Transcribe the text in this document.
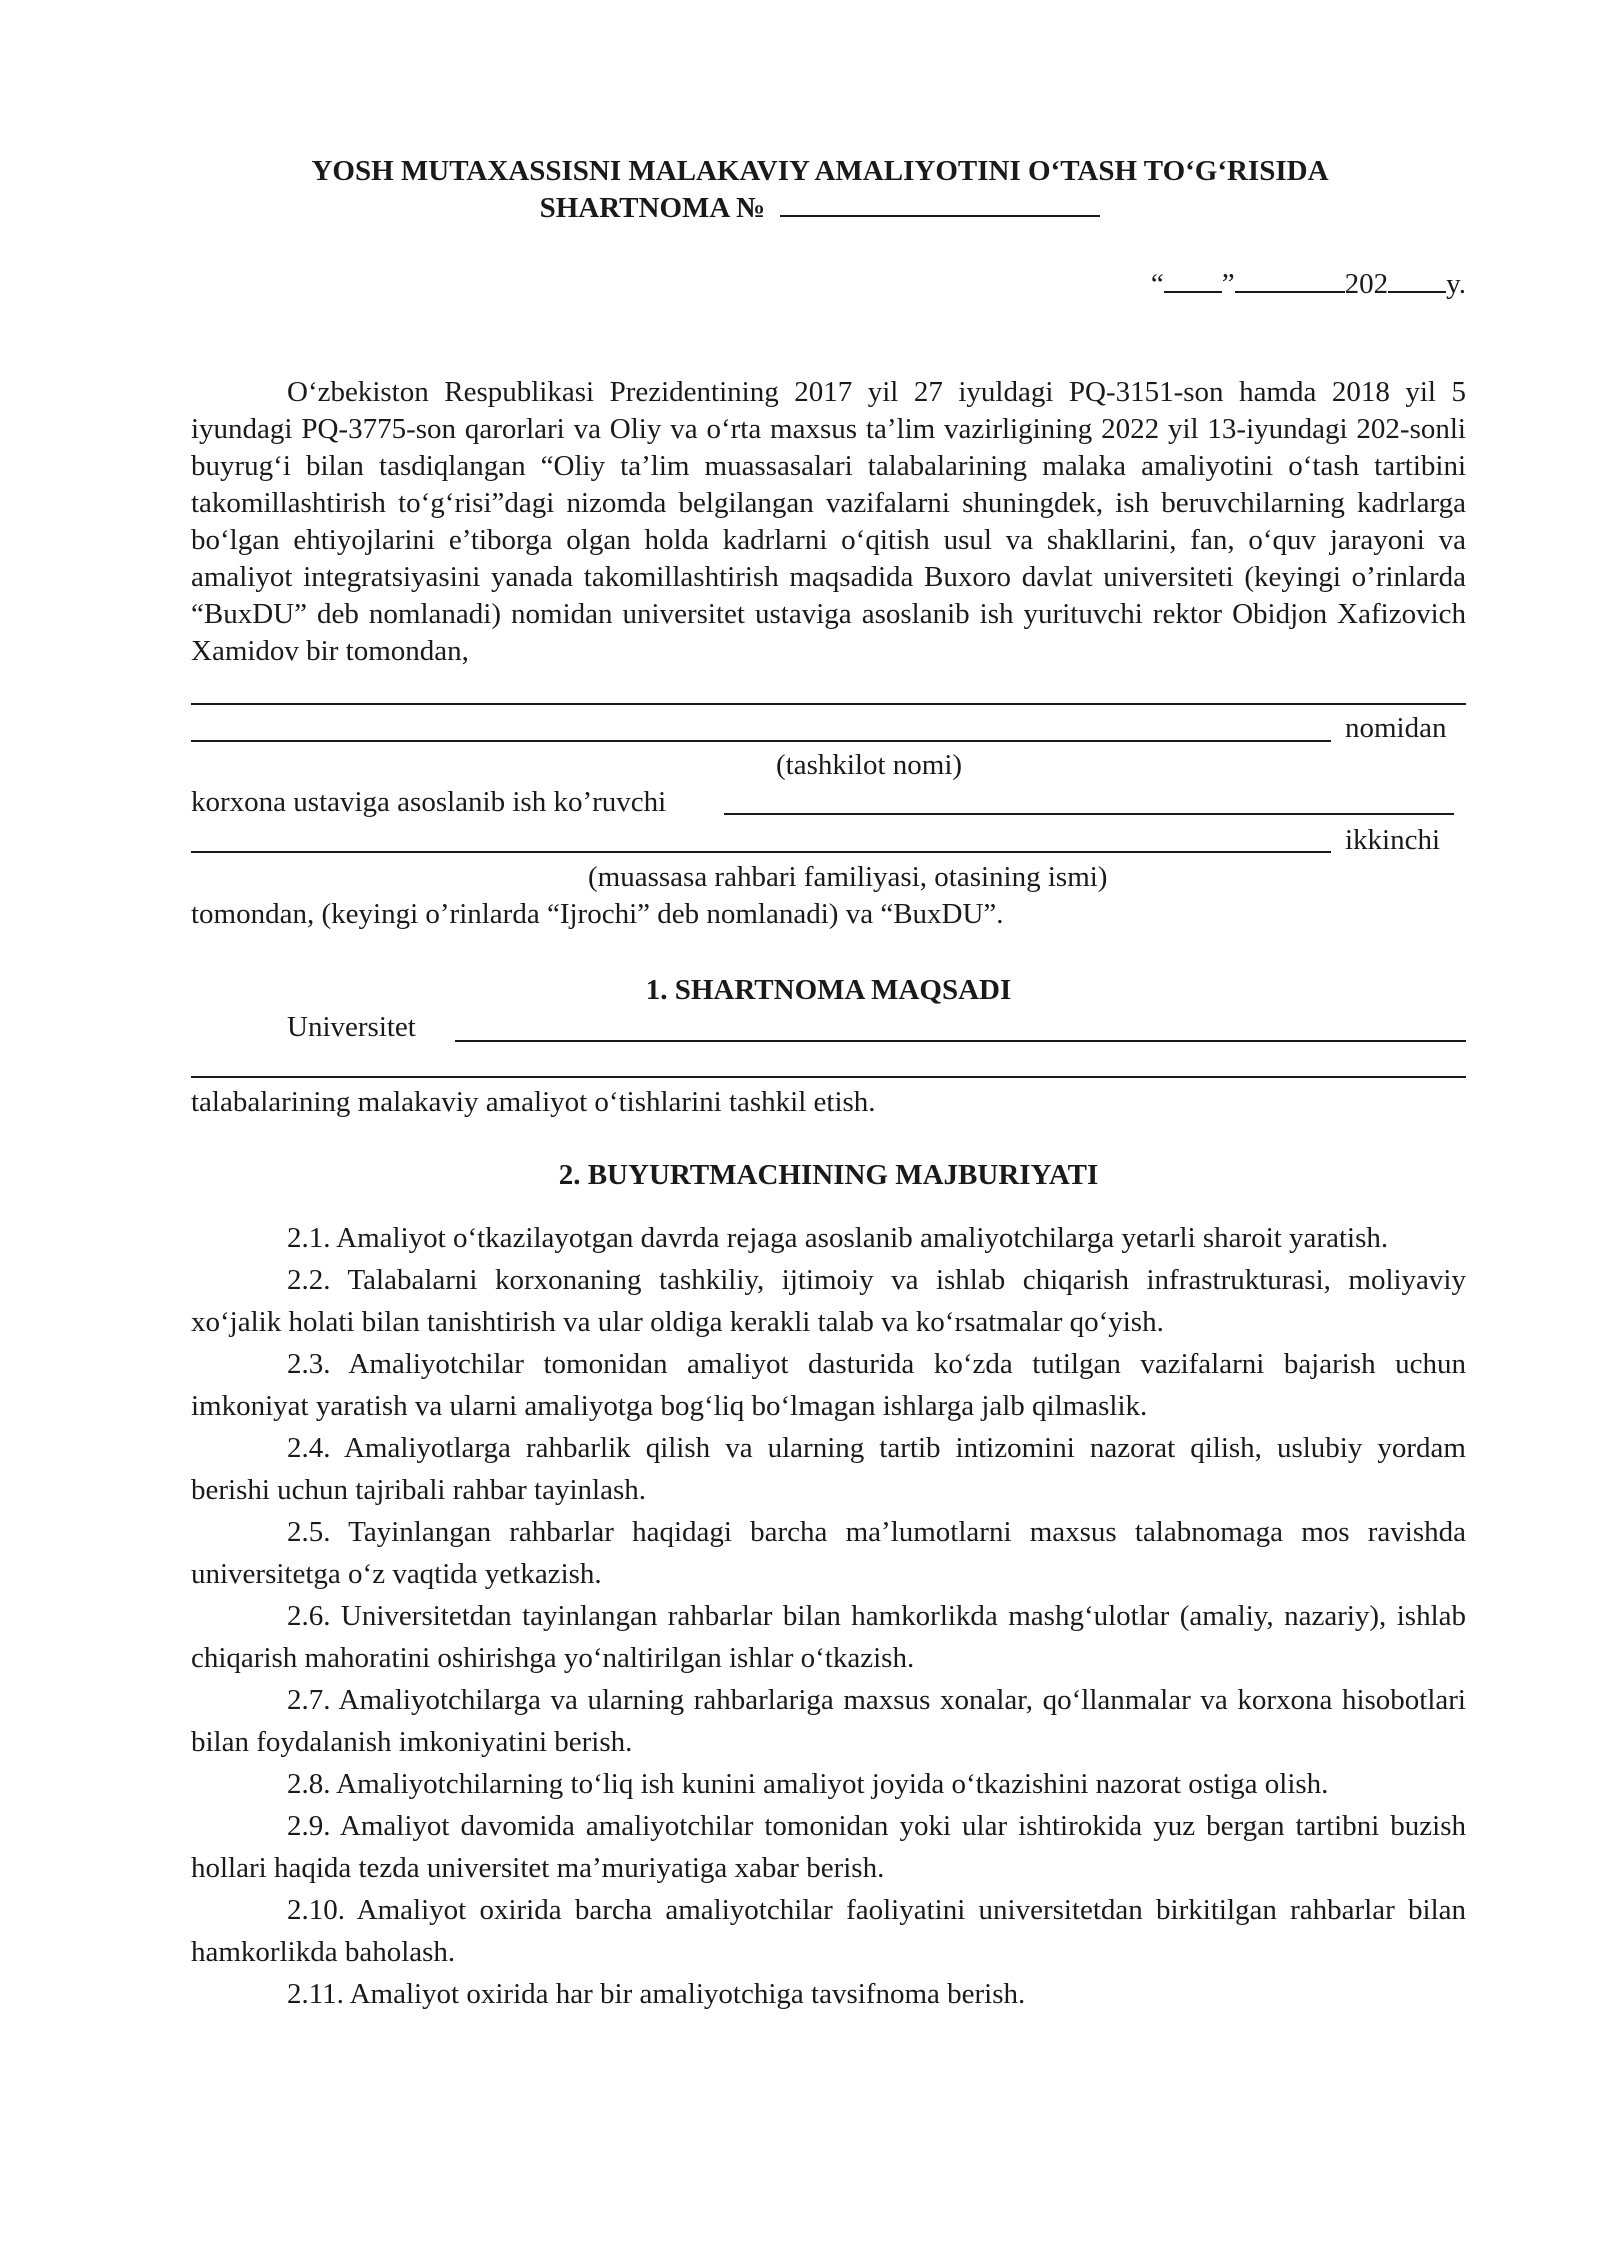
YOSH MUTAXASSISNI MALAKAVIY AMALIYOTINI O‘TASH TO‘G‘RISIDA
SHARTNOMA №
“ ”	202 y.
O‘zbekiston Respublikasi Prezidentining 2017 yil 27 iyuldagi PQ-3151-son hamda 2018 yil 5 iyundagi PQ-3775-son qarorlari va Oliy va o‘rta maxsus ta’lim vazirligining 2022 yil 13-iyundagi 202-sonli buyrug‘i bilan tasdiqlangan “Oliy ta’lim muassasalari talabalarining malaka amaliyotini o‘tash tartibini takomillashtirish to‘g‘risi”dagi nizomda belgilangan vazifalarni shuningdek, ish beruvchilarning kadrlarga bo‘lgan ehtiyojlarini e’tiborga olgan holda kadrlarni o‘qitish usul va shakllarini, fan, o‘quv jarayoni va amaliyot integratsiyasini yanada takomillashtirish maqsadida Buxoro davlat universiteti (keyingi o’rinlarda “BuxDU” deb nomlanadi) nomidan universitet ustaviga asoslanib ish yurituvchi rektor Obidjon Xafizovich Xamidov bir tomondan,
nomidan
(tashkilot nomi)
korxona ustaviga asoslanib ish ko’ruvchi
ikkinchi
(muassasa rahbari familiyasi, otasining ismi)
tomondan, (keyingi o’rinlarda “Ijrochi” deb nomlanadi) va “BuxDU”.
1. SHARTNOMA MAQSADI
Universitet
talabalarining malakaviy amaliyot o‘tishlarini tashkil etish.
2. BUYURTMACHINING MAJBURIYATI

2.1. Amaliyot o‘tkazilayotgan davrda rejaga asoslanib amaliyotchilarga yetarli sharoit yaratish.

2.2. Talabalarni korxonaning tashkiliy, ijtimoiy va ishlab chiqarish infrastrukturasi, moliyaviy xo‘jalik holati bilan tanishtirish va ular oldiga kerakli talab va ko‘rsatmalar qo‘yish.

2.3. Amaliyotchilar tomonidan amaliyot dasturida ko‘zda tutilgan vazifalarni bajarish uchun imkoniyat yaratish va ularni amaliyotga bog‘liq bo‘lmagan ishlarga jalb qilmaslik.

2.4. Amaliyotlarga rahbarlik qilish va ularning tartib intizomini nazorat qilish, uslubiy yordam berishi uchun tajribali rahbar tayinlash.

2.5. Tayinlangan rahbarlar haqidagi barcha ma’lumotlarni maxsus talabnomaga mos ravishda universitetga o‘z vaqtida yetkazish.

2.6. Universitetdan tayinlangan rahbarlar bilan hamkorlikda mashg‘ulotlar (amaliy, nazariy), ishlab chiqarish mahoratini oshirishga yo‘naltirilgan ishlar o‘tkazish.

2.7. Amaliyotchilarga va ularning rahbarlariga maxsus xonalar, qo‘llanmalar va korxona hisobotlari bilan foydalanish imkoniyatini berish.

2.8. Amaliyotchilarning to‘liq ish kunini amaliyot joyida o‘tkazishini nazorat ostiga olish.

2.9. Amaliyot davomida amaliyotchilar tomonidan yoki ular ishtirokida yuz bergan tartibni buzish hollari haqida tezda universitet ma’muriyatiga xabar berish.

2.10. Amaliyot oxirida barcha amaliyotchilar faoliyatini universitetdan birkitilgan rahbarlar bilan hamkorlikda baholash.

2.11. Amaliyot oxirida har bir amaliyotchiga tavsifnoma berish.
